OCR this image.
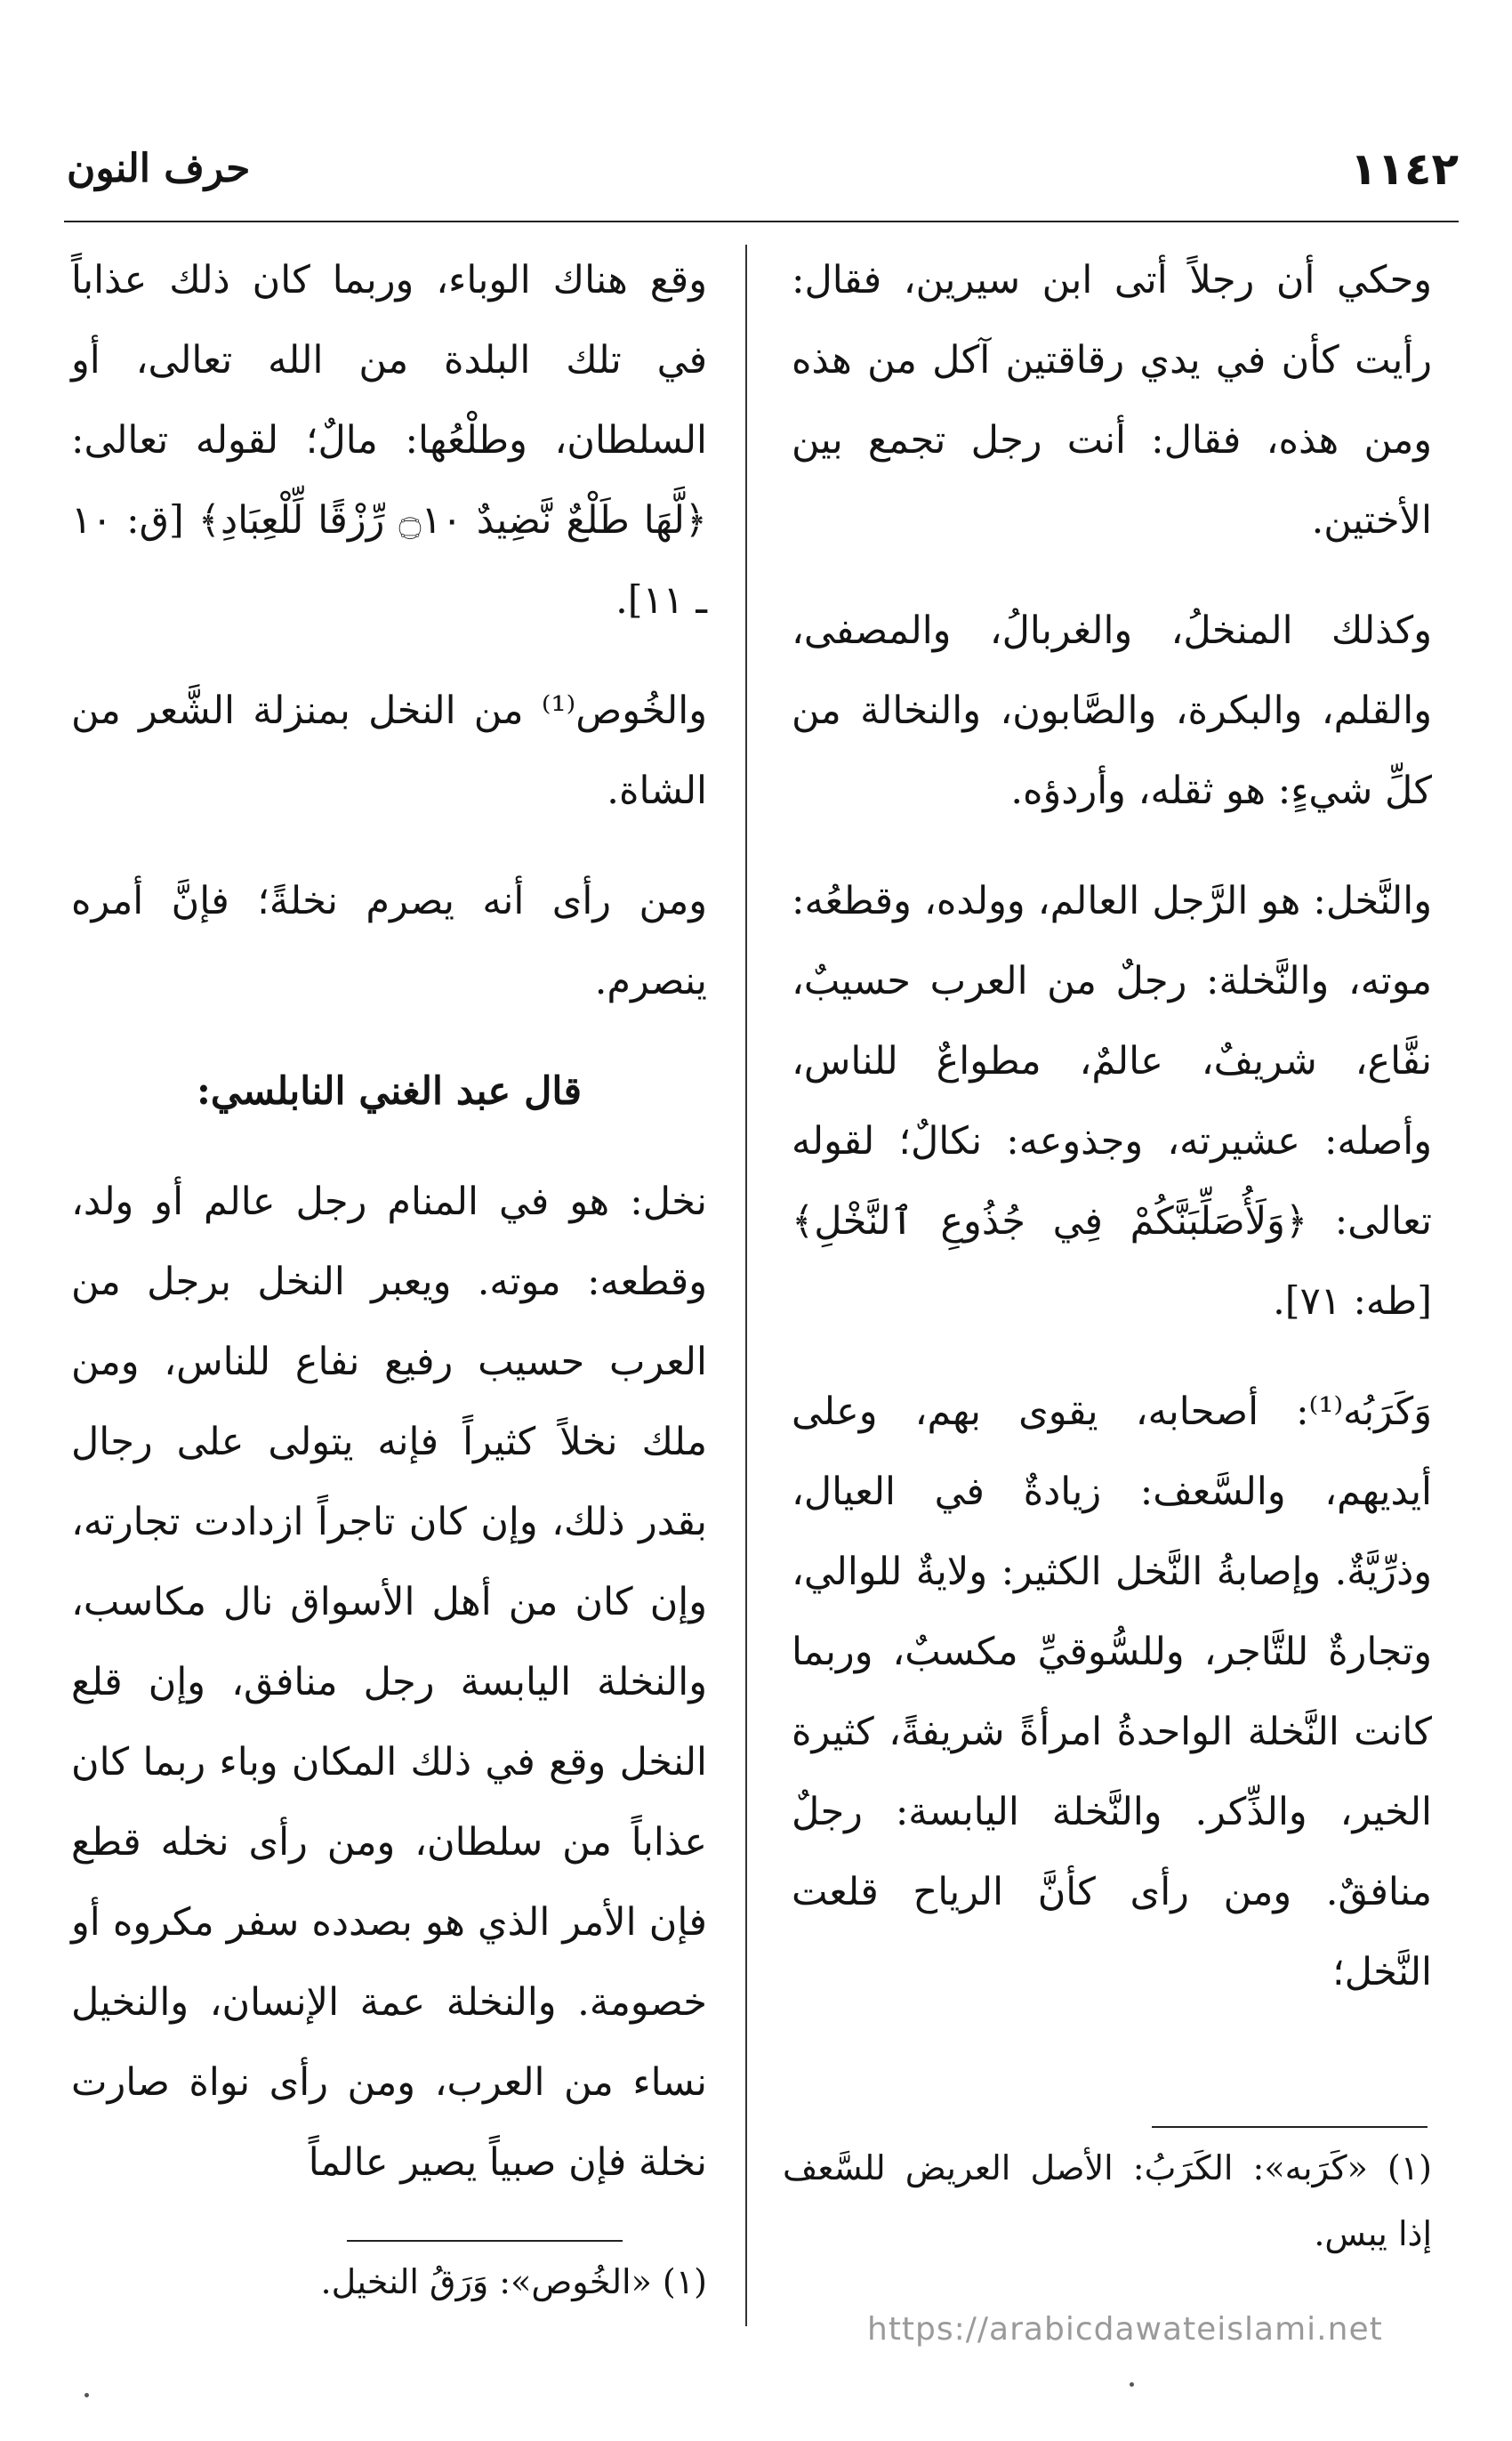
١١٤٢
حرف النون

وحكي أن رجلاً أتى ابن سيرين، فقال: رأيت كأن في يدي رقاقتين آكل من هذه ومن هذه، فقال: أنت رجل تجمع بين الأختين.

وكذلك المنخلُ، والغربالُ، والمصفى، والقلم، والبكرة، والصَّابون، والنخالة من كلِّ شيءٍ: هو ثقله، وأردؤه.

والنَّخل: هو الرَّجل العالم، وولده، وقطعُه: موته، والنَّخلة: رجلٌ من العرب حسيبٌ، نفَّاع، شريفٌ، عالمٌ، مطواعٌ للناس، وأصله: عشيرته، وجذوعه: نكالٌ؛ لقوله تعالى: ﴿وَلَأُصَلِّبَنَّكُمْ فِي جُذُوعِ ٱلنَّخْلِ﴾ [طه: ٧١].

وَكَرَبُه⁽¹⁾: أصحابه، يقوى بهم، وعلى أيديهم، والسَّعف: زيادةٌ في العيال، وذرِّيَّةٌ. وإصابةُ النَّخل الكثير: ولايةٌ للوالي، وتجارةٌ للتَّاجر، وللسُّوقيِّ مكسبٌ، وربما كانت النَّخلة الواحدةُ امرأةً شريفةً، كثيرة الخير، والذِّكر. والنَّخلة اليابسة: رجلٌ منافقٌ. ومن رأى كأنَّ الرياح قلعت النَّخل؛

وقع هناك الوباء، وربما كان ذلك عذاباً في تلك البلدة من الله تعالى، أو السلطان، وطلْعُها: مالٌ؛ لقوله تعالى: ﴿لَّهَا طَلْعٌ نَّضِيدٌ ۝١٠ رِّزْقًا لِّلْعِبَادِ﴾ [ق: ١٠ ـ ١١].

والخُوص⁽¹⁾ من النخل بمنزلة الشَّعر من الشاة.

ومن رأى أنه يصرم نخلةً؛ فإنَّ أمره ينصرم.

قال عبد الغني النابلسي:

نخل: هو في المنام رجل عالم أو ولد، وقطعه: موته. ويعبر النخل برجل من العرب حسيب رفيع نفاع للناس، ومن ملك نخلاً كثيراً فإنه يتولى على رجال بقدر ذلك، وإن كان تاجراً ازدادت تجارته، وإن كان من أهل الأسواق نال مكاسب، والنخلة اليابسة رجل منافق، وإن قلع النخل وقع في ذلك المكان وباء ربما كان عذاباً من سلطان، ومن رأى نخله قطع فإن الأمر الذي هو بصدده سفر مكروه أو خصومة. والنخلة عمة الإنسان، والنخيل نساء من العرب، ومن رأى نواة صارت نخلة فإن صبياً يصير عالماً (١) «كَرَبه»: الكَرَبُ: الأصل العريض للسَّعف إذا يبس.
(١) «الخُوص»: وَرَقُ النخيل.
https://arabicdawateislami.net
